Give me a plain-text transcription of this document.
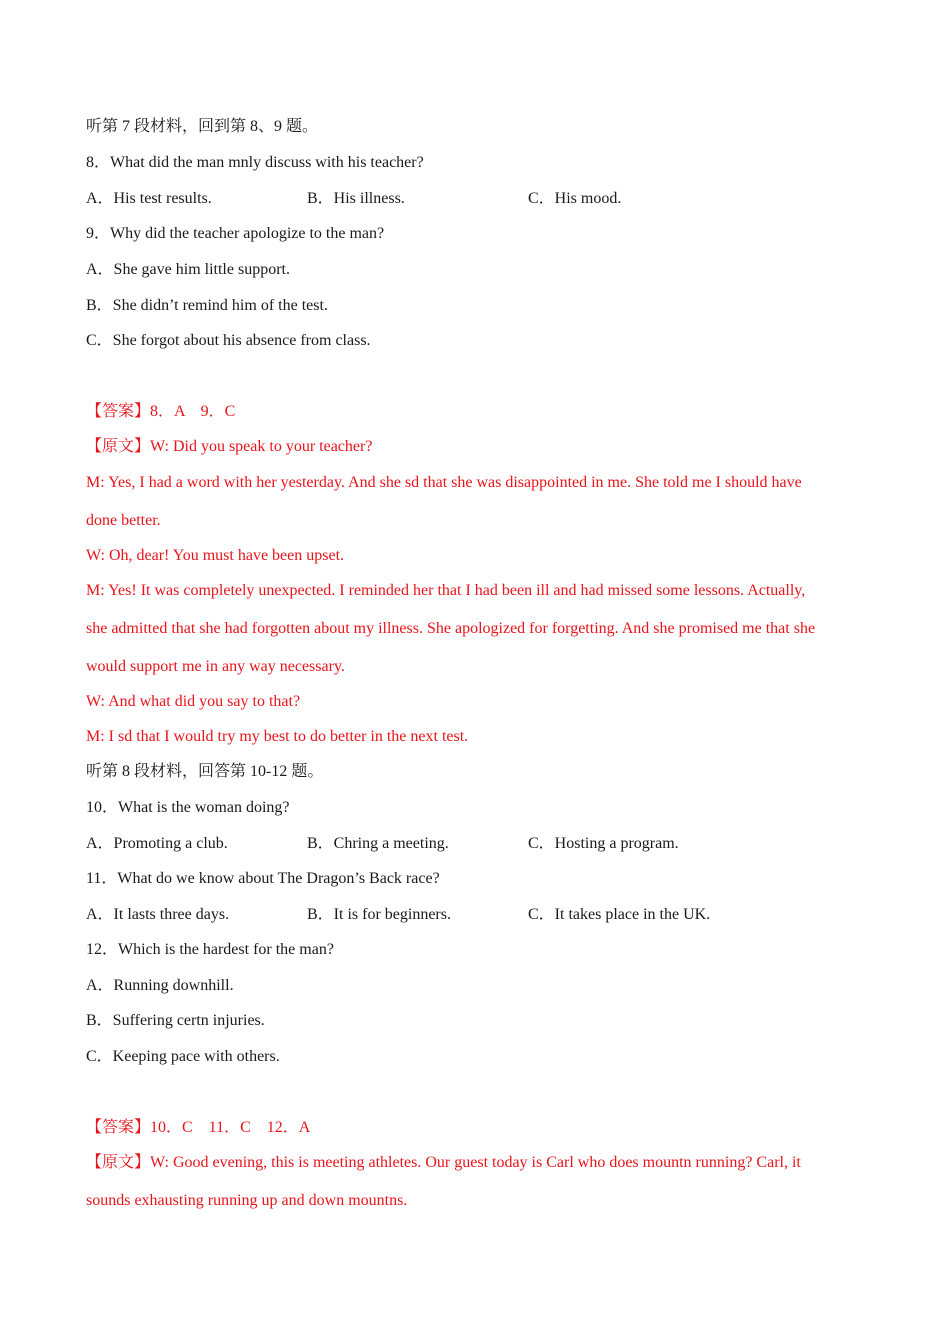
听第 7 段材料，回到第 8、9 题。
8．What did the man mnly discuss with his teacher?
A．His test results.	B．His illness.	C．His mood.
9．Why did the teacher apologize to the man?
A．She gave him little support.
B．She didn’t remind him of the test.
C．She forgot about his absence from class.
【答案】8．A　9．C
【原文】W: Did you speak to your teacher?
M: Yes, I had a word with her yesterday. And she sd that she was disappointed in me. She told me I should have
done better.
W: Oh, dear! You must have been upset.
M: Yes! It was completely unexpected. I reminded her that I had been ill and had missed some lessons. Actually,
she admitted that she had forgotten about my illness. She apologized for forgetting. And she promised me that she
would support me in any way necessary.
W: And what did you say to that?
M: I sd that I would try my best to do better in the next test.
听第 8 段材料，回答第 10-12 题。
10．What is the woman doing?
A．Promoting a club.	B．Chring a meeting.	C．Hosting a program.
11．What do we know about The Dragon’s Back race?
A．It lasts three days.	B．It is for beginners.	C．It takes place in the UK.
12．Which is the hardest for the man?
A．Running downhill.
B．Suffering certn injuries.
C．Keeping pace with others.
【答案】10．C　11．C　12．A
【原文】W: Good evening, this is meeting athletes. Our guest today is Carl who does mountn running? Carl, it
sounds exhausting running up and down mountns.
